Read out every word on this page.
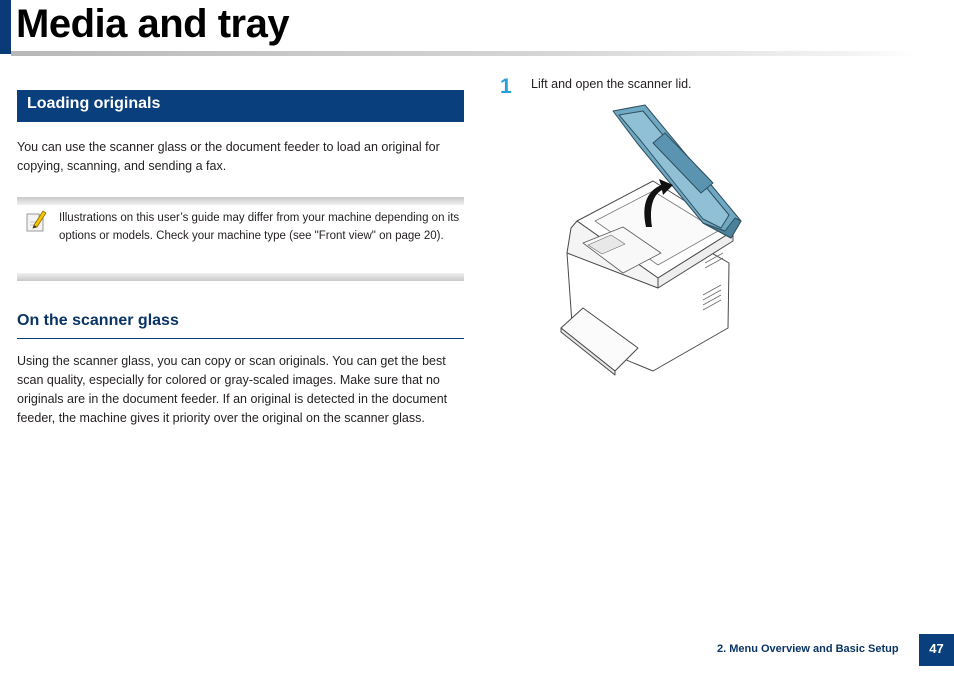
Media and tray
Loading originals

You can use the scanner glass or the document feeder to load an original for copying, scanning, and sending a fax.

Illustrations on this user’s guide may differ from your machine depending on its options or models. Check your machine type (see "Front view" on page 20).

On the scanner glass

Using the scanner glass, you can copy or scan originals. You can get the best scan quality, especially for colored or gray-scaled images. Make sure that no originals are in the document feeder. If an original is detected in the document feeder, the machine gives it priority over the original on the scanner glass.

1 Lift and open the scanner lid.

2. Menu Overview and Basic Setup	47
